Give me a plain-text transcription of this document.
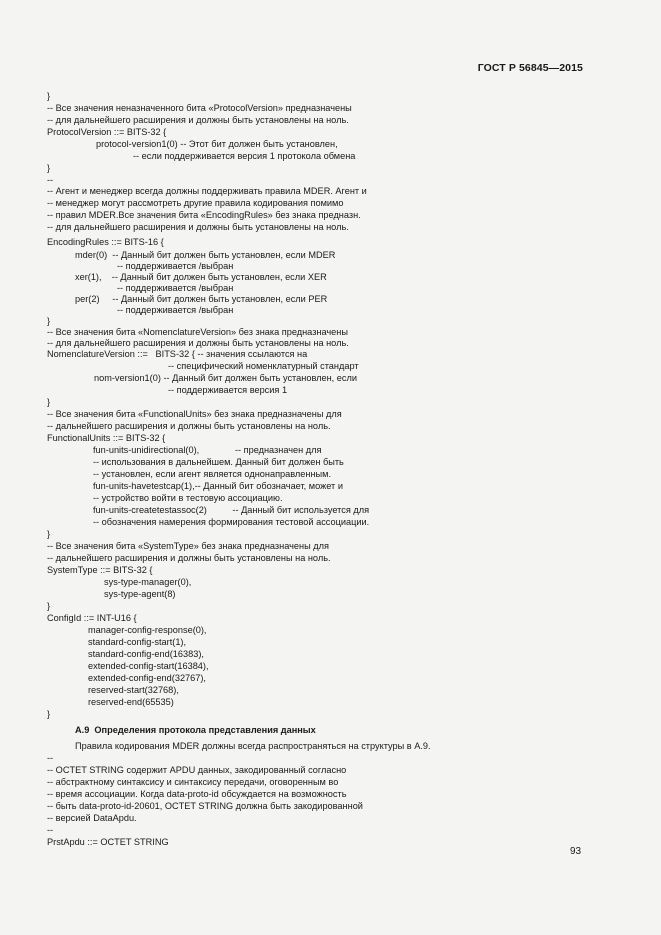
ГОСТ Р 56845—2015
}
-- Все значения неназначенного бита «ProtocolVersion» предназначены
-- для дальнейшего расширения и должны быть установлены на ноль.
ProtocolVersion ::= BITS-32 {
protocol-version1(0) -- Этот бит должен быть установлен,
-- если поддерживается версия 1 протокола обмена
}
--
-- Агент и менеджер всегда должны поддерживать правила MDER. Агент и
-- менеджер могут рассмотреть другие правила кодирования помимо
-- правил MDER.Все значения бита «EncodingRules» без знака предназн.
-- для дальнейшего расширения и должны быть установлены на ноль.
EncodingRules ::= BITS-16 {
mder(0)  -- Данный бит должен быть установлен, если MDER
-- поддерживается /выбран
xer(1),    -- Данный бит должен быть установлен, если XER
-- поддерживается /выбран
per(2)     -- Данный бит должен быть установлен, если PER
-- поддерживается /выбран
}
-- Все значения бита «NomenclatureVersion» без знака предназначены
-- для дальнейшего расширения и должны быть установлены на ноль.
NomenclatureVersion ::=   BITS-32 { -- значения ссылаются на
-- специфический номенклатурный стандарт
nom-version1(0) -- Данный бит должен быть установлен, если
-- поддерживается версия 1
}
-- Все значения бита «FunctionalUnits» без знака предназначены для
-- дальнейшего расширения и должны быть установлены на ноль.
FunctionalUnits ::= BITS-32 {
fun-units-unidirectional(0),              -- предназначен для
-- использования в дальнейшем. Данный бит должен быть
-- установлен, если агент является однонаправленным.
fun-units-havetestcap(1),-- Данный бит обозначает, может и
-- устройство войти в тестовую ассоциацию.
fun-units-createtestassoc(2)          -- Данный бит используется для
-- обозначения намерения формирования тестовой ассоциации.
}
-- Все значения бита «SystemType» без знака предназначены для
-- дальнейшего расширения и должны быть установлены на ноль.
SystemType ::= BITS-32 {
sys-type-manager(0),
sys-type-agent(8)
}
ConfigId ::= INT-U16 {
manager-config-response(0),
standard-config-start(1),
standard-config-end(16383),
extended-config-start(16384),
extended-config-end(32767),
reserved-start(32768),
reserved-end(65535)
}
A.9  Определения протокола представления данных
Правила кодирования MDER должны всегда распространяться на структуры в А.9.
--
-- OCTET STRING содержит APDU данных, закодированный согласно
-- абстрактному синтаксису и синтаксису передачи, оговоренным во
-- время ассоциации. Когда data-proto-id обсуждается на возможность
-- быть data-proto-id-20601, OCTET STRING должна быть закодированной
-- версией DataApdu.
--
PrstApdu ::= OCTET STRING
93
